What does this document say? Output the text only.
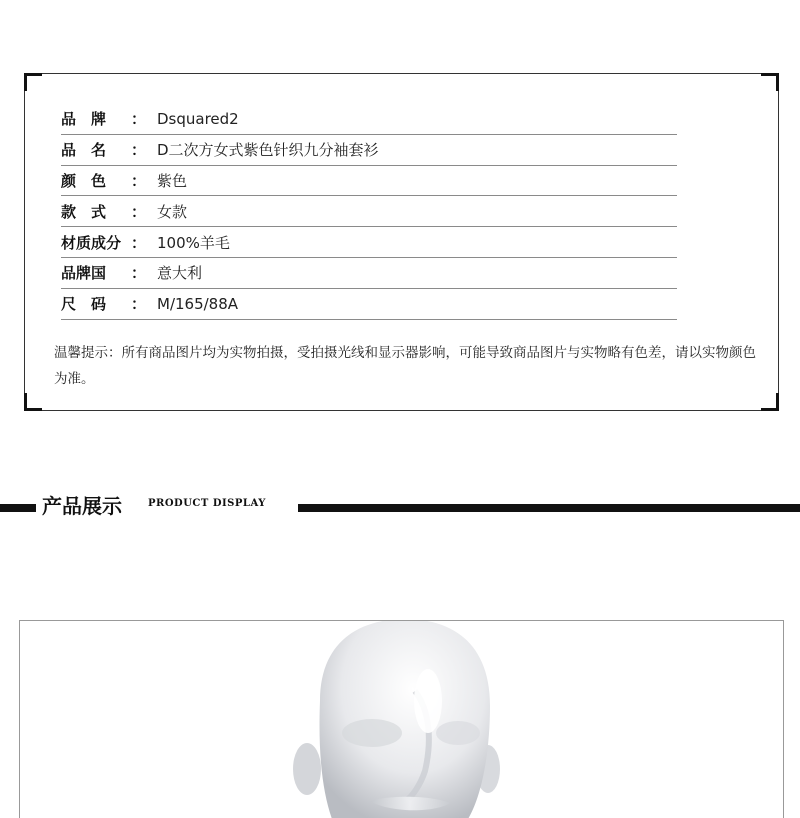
品　牌	： Dsquared2
品　名	： D二次方女式紫色针织九分袖套衫
颜　色	： 紫色
款　式	： 女款
材质成分 ： 100%羊毛
品牌国	： 意大利
尺　码	： M/165/88A
温馨提示：所有商品图片均为实物拍摄，受拍摄光线和显示器影响，可能导致商品图片与实物略有色差，请以实物颜色为准。
产品展示	PRODUCT DISPLAY
